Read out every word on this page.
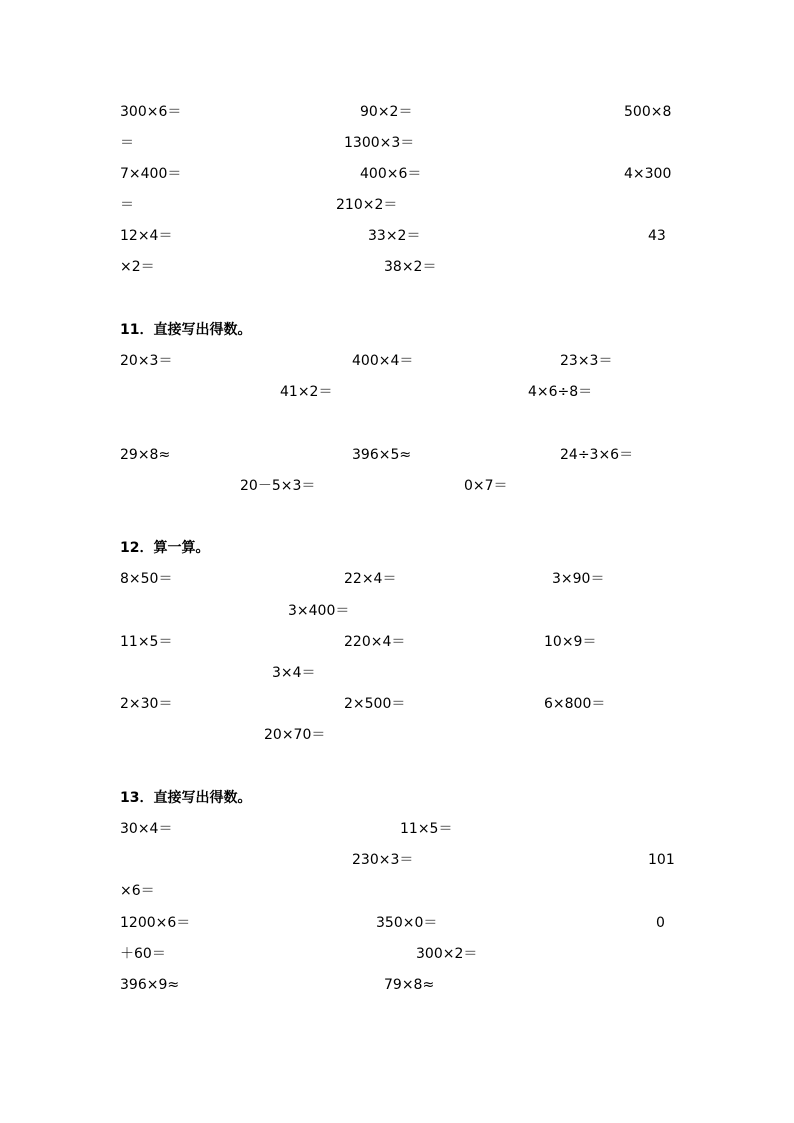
300×6＝	90×2＝	500×8
＝	1300×3＝
7×400＝	400×6＝	4×300
＝	210×2＝
12×4＝	33×2＝	43
×2＝	38×2＝
11．直接写出得数。
20×3＝	400×4＝	23×3＝
41×2＝	4×6÷8＝
29×8≈	396×5≈	24÷3×6＝
20－5×3＝	0×7＝
12．算一算。
8×50＝	22×4＝	3×90＝
3×400＝
11×5＝	220×4＝	10×9＝
3×4＝
2×30＝	2×500＝	6×800＝
20×70＝
13．直接写出得数。
30×4＝	11×5＝
230×3＝	101
×6＝
1200×6＝	350×0＝	0
＋60＝	300×2＝
396×9≈	79×8≈
